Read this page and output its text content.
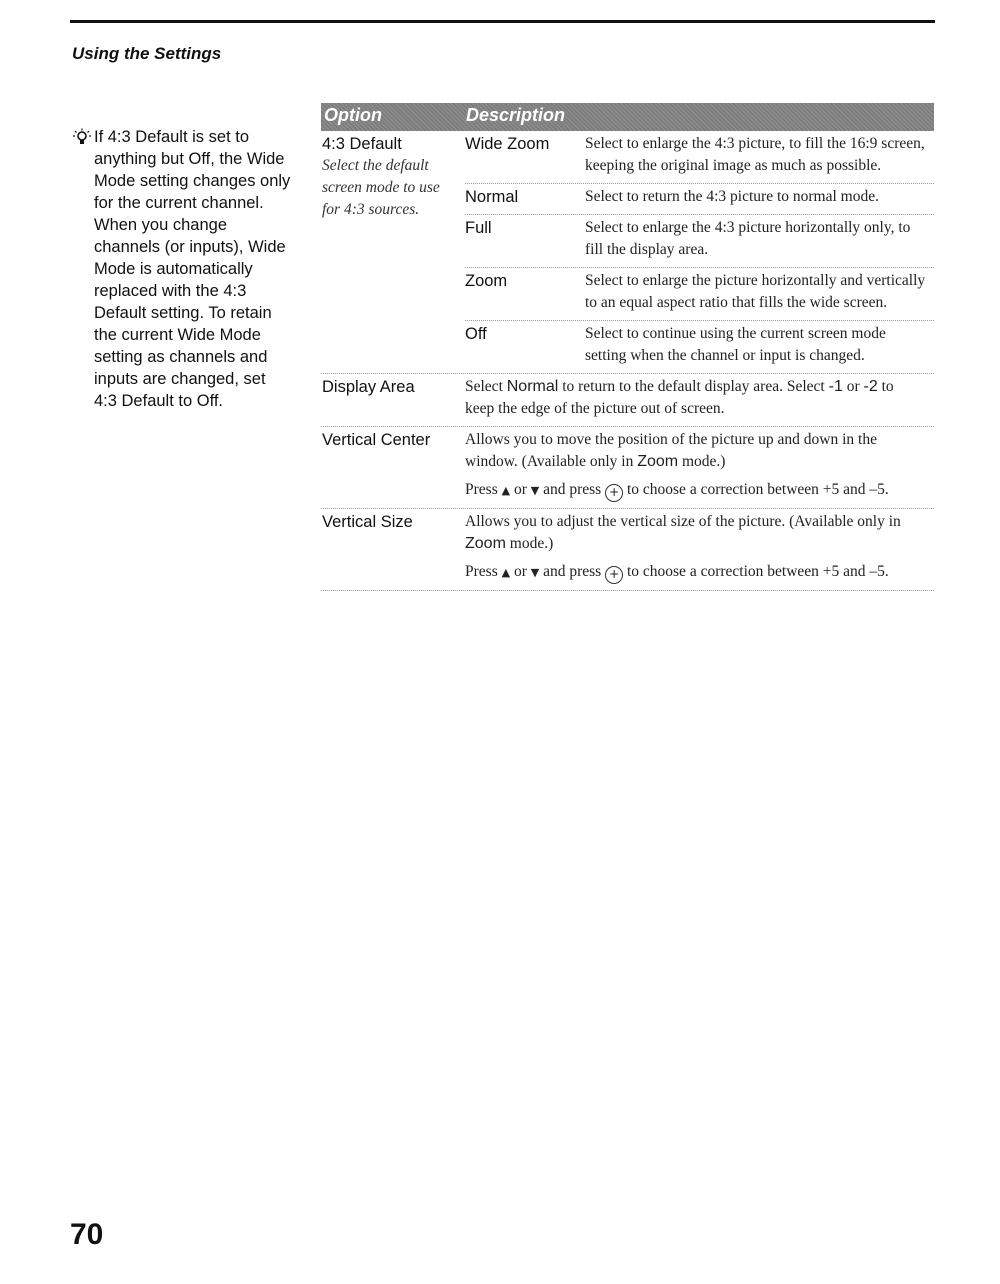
Using the Settings
If 4:3 Default is set to anything but Off, the Wide Mode setting changes only for the current channel. When you change channels (or inputs), Wide Mode is automatically replaced with the 4:3 Default setting. To retain the current Wide Mode setting as channels and inputs are changed, set 4:3 Default to Off.
Option	Description
4:3 Default
Select the default screen mode to use for 4:3 sources.
Wide Zoom	Select to enlarge the 4:3 picture, to fill the 16:9 screen, keeping the original image as much as possible.
Normal	Select to return the 4:3 picture to normal mode.
Full	Select to enlarge the 4:3 picture horizontally only, to fill the display area.
Zoom	Select to enlarge the picture horizontally and vertically to an equal aspect ratio that fills the wide screen.
Off	Select to continue using the current screen mode setting when the channel or input is changed.
Display Area	Select Normal to return to the default display area. Select -1 or -2 to keep the edge of the picture out of screen.
Vertical Center	Allows you to move the position of the picture up and down in the window. (Available only in Zoom mode.)

Press ▲ or ▼ and press + to choose a correction between +5 and –5.

Vertical Size	Allows you to adjust the vertical size of the picture. (Available only in Zoom mode.)

Press ▲ or ▼ and press + to choose a correction between +5 and –5.

70
